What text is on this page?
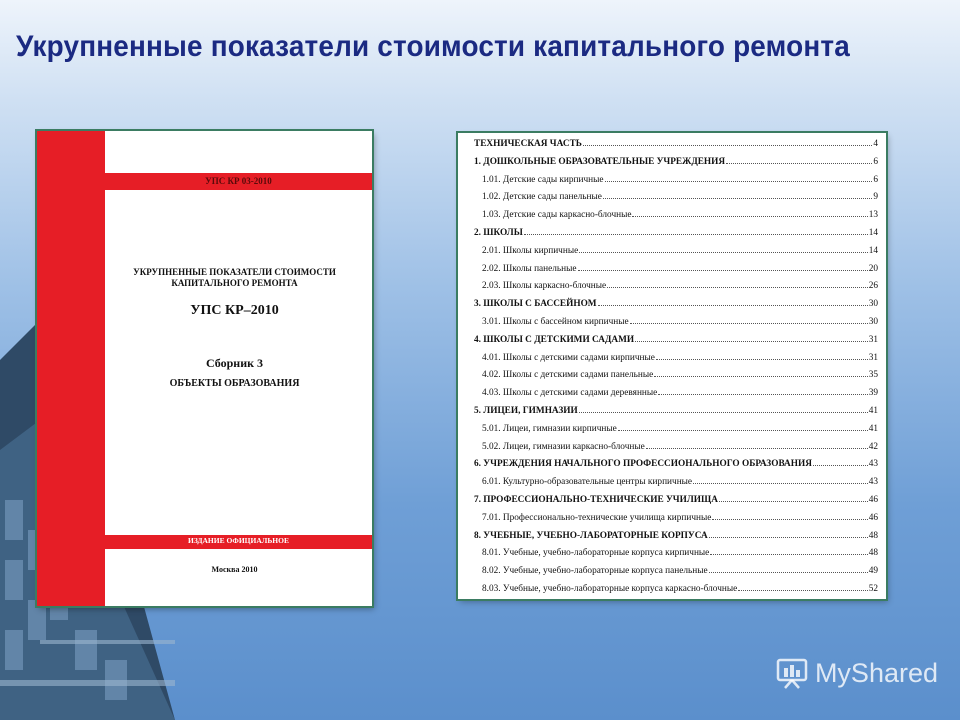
Укрупненные показатели стоимости капитального ремонта
УПС КР 03-2010
УКРУПНЕННЫЕ ПОКАЗАТЕЛИ СТОИМОСТИ
КАПИТАЛЬНОГО РЕМОНТА
УПС КР–2010
Сборник 3
ОБЪЕКТЫ ОБРАЗОВАНИЯ
ИЗДАНИЕ ОФИЦИАЛЬНОЕ
Москва 2010
ТЕХНИЧЕСКАЯ ЧАСТЬ	4
1. ДОШКОЛЬНЫЕ ОБРАЗОВАТЕЛЬНЫЕ УЧРЕЖДЕНИЯ	6
1.01. Детские сады кирпичные	6
1.02. Детские сады панельные	9
1.03. Детские сады каркасно-блочные	13
2. ШКОЛЫ	14
2.01. Школы кирпичные	14
2.02. Школы панельные	20
2.03. Школы каркасно-блочные	26
3. ШКОЛЫ С БАССЕЙНОМ	30
3.01. Школы с бассейном кирпичные	30
4. ШКОЛЫ С ДЕТСКИМИ САДАМИ	31
4.01. Школы с детскими садами кирпичные	31
4.02. Школы с детскими садами панельные	35
4.03. Школы с детскими садами деревянные	39
5. ЛИЦЕИ, ГИМНАЗИИ	41
5.01. Лицеи, гимназии кирпичные	41
5.02. Лицеи, гимназии каркасно-блочные	42
6. УЧРЕЖДЕНИЯ НАЧАЛЬНОГО ПРОФЕССИОНАЛЬНОГО ОБРАЗОВАНИЯ	43
6.01. Культурно-образовательные центры кирпичные	43
7. ПРОФЕССИОНАЛЬНО-ТЕХНИЧЕСКИЕ УЧИЛИЩА	46
7.01. Профессионально-технические училища кирпичные	46
8. УЧЕБНЫЕ, УЧЕБНО-ЛАБОРАТОРНЫЕ КОРПУСА	48
8.01. Учебные, учебно-лабораторные корпуса кирпичные	48
8.02. Учебные, учебно-лабораторные корпуса панельные	49
8.03. Учебные, учебно-лабораторные корпуса каркасно-блочные	52
MyShared
